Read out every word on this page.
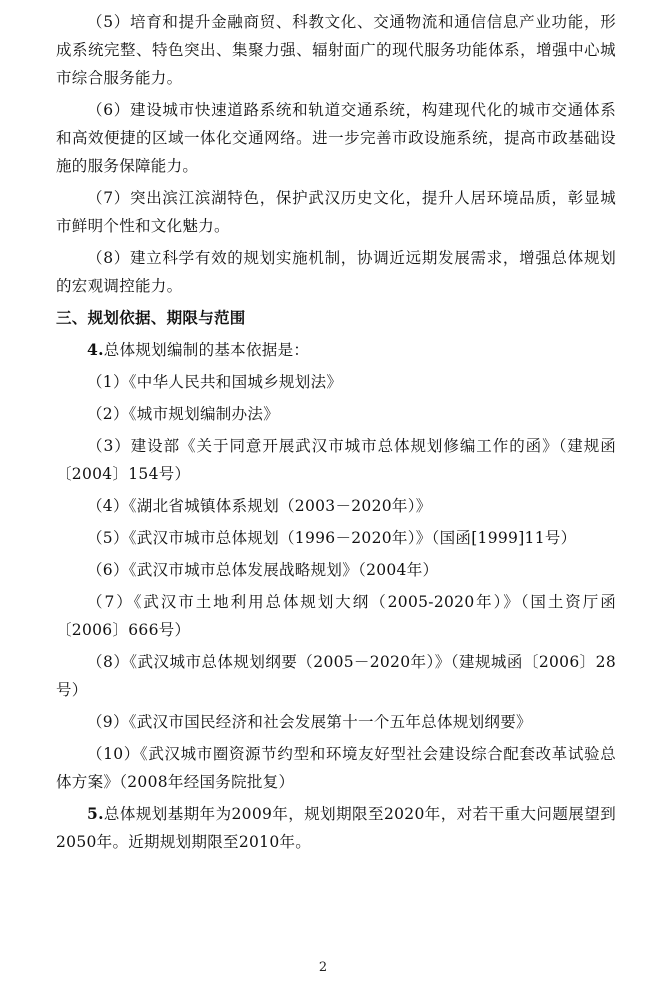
（5）培育和提升金融商贸、科教文化、交通物流和通信信息产业功能，形成系统完整、特色突出、集聚力强、辐射面广的现代服务功能体系，增强中心城市综合服务能力。

（6）建设城市快速道路系统和轨道交通系统，构建现代化的城市交通体系和高效便捷的区域一体化交通网络。进一步完善市政设施系统，提高市政基础设施的服务保障能力。

（7）突出滨江滨湖特色，保护武汉历史文化，提升人居环境品质，彰显城市鲜明个性和文化魅力。

（8）建立科学有效的规划实施机制，协调近远期发展需求，增强总体规划的宏观调控能力。

三、规划依据、期限与范围

4.总体规划编制的基本依据是：

（1）《中华人民共和国城乡规划法》

（2）《城市规划编制办法》

（3）建设部《关于同意开展武汉市城市总体规划修编工作的函》（建规函〔2004〕154号）

（4）《湖北省城镇体系规划（2003－2020年）》

（5）《武汉市城市总体规划（1996－2020年）》（国函[1999]11号）

（6）《武汉市城市总体发展战略规划》（2004年）

（7）《武汉市土地利用总体规划大纲（2005-2020年）》（国土资厅函〔2006〕666号）

（8）《武汉城市总体规划纲要（2005－2020年）》（建规城函〔2006〕28号）

（9）《武汉市国民经济和社会发展第十一个五年总体规划纲要》

（10）《武汉城市圈资源节约型和环境友好型社会建设综合配套改革试验总体方案》（2008年经国务院批复）

5.总体规划基期年为2009年，规划期限至2020年，对若干重大问题展望到2050年。近期规划期限至2010年。

2
